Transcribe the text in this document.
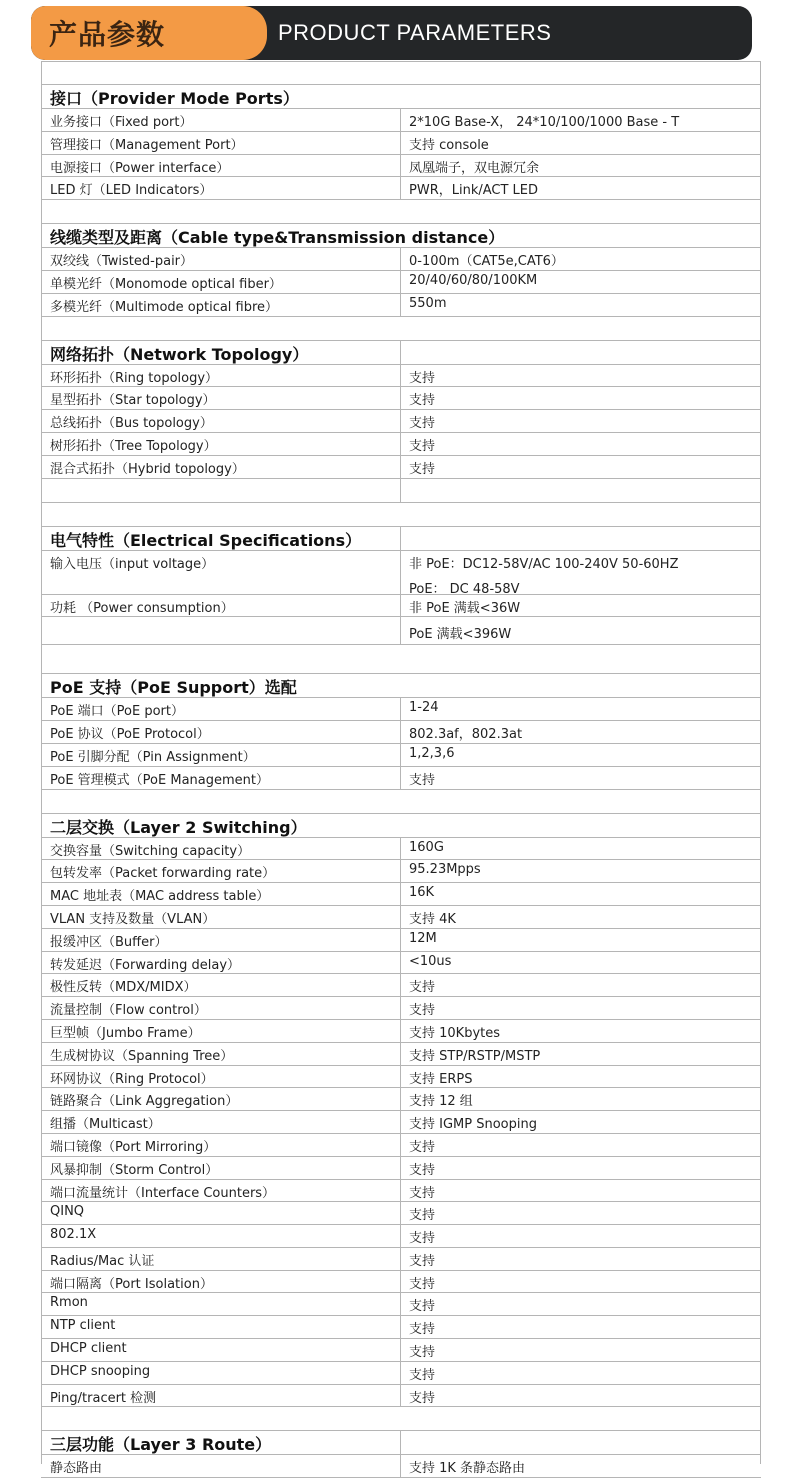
产品参数	PRODUCT PARAMETERS
接口（Provider Mode Ports）
业务接口（Fixed port）	2*10G Base-X， 24*10/100/1000 Base - T
管理接口（Management Port）	支持 console
电源接口（Power interface）	凤凰端子，双电源冗余
LED 灯（LED Indicators）	PWR，Link/ACT LED
线缆类型及距离（Cable type&Transmission distance）
双绞线（Twisted-pair）	0-100m（CAT5e,CAT6）
单模光纤（Monomode optical fiber）	20/40/60/80/100KM
多模光纤（Multimode optical fibre）	550m
网络拓扑（Network Topology）
环形拓扑（Ring topology）	支持
星型拓扑（Star topology）	支持
总线拓扑（Bus topology）	支持
树形拓扑（Tree Topology）	支持
混合式拓扑（Hybrid topology）	支持
电气特性（Electrical Specifications）
输入电压（input voltage）	非 PoE：DC12-58V/AC 100-240V 50-60HZ
PoE： DC 48-58V
功耗 （Power consumption）	非 PoE 满载<36W
PoE 满载<396W
PoE 支持（PoE Support）选配
PoE 端口（PoE port）	1-24
PoE 协议（PoE Protocol）	802.3af，802.3at
PoE 引脚分配（Pin Assignment）	1,2,3,6
PoE 管理模式（PoE Management）	支持
二层交换（Layer 2 Switching）
交换容量（Switching capacity）	160G
包转发率（Packet forwarding rate）	95.23Mpps
MAC 地址表（MAC address table）	16K
VLAN 支持及数量（VLAN）	支持 4K
报缓冲区（Buffer）	12M
转发延迟（Forwarding delay）	<10us
极性反转（MDX/MIDX）	支持
流量控制（Flow control）	支持
巨型帧（Jumbo Frame）	支持 10Kbytes
生成树协议（Spanning Tree）	支持 STP/RSTP/MSTP
环网协议（Ring Protocol）	支持 ERPS
链路聚合（Link Aggregation）	支持 12 组
组播（Multicast）	支持 IGMP Snooping
端口镜像（Port Mirroring）	支持
风暴抑制（Storm Control）	支持
端口流量统计（Interface Counters）	支持
QINQ	支持
802.1X	支持
Radius/Mac 认证	支持
端口隔离（Port Isolation）	支持
Rmon	支持
NTP client	支持
DHCP client	支持
DHCP snooping	支持
Ping/tracert 检测	支持
三层功能（Layer 3 Route）
静态路由	支持 1K 条静态路由
